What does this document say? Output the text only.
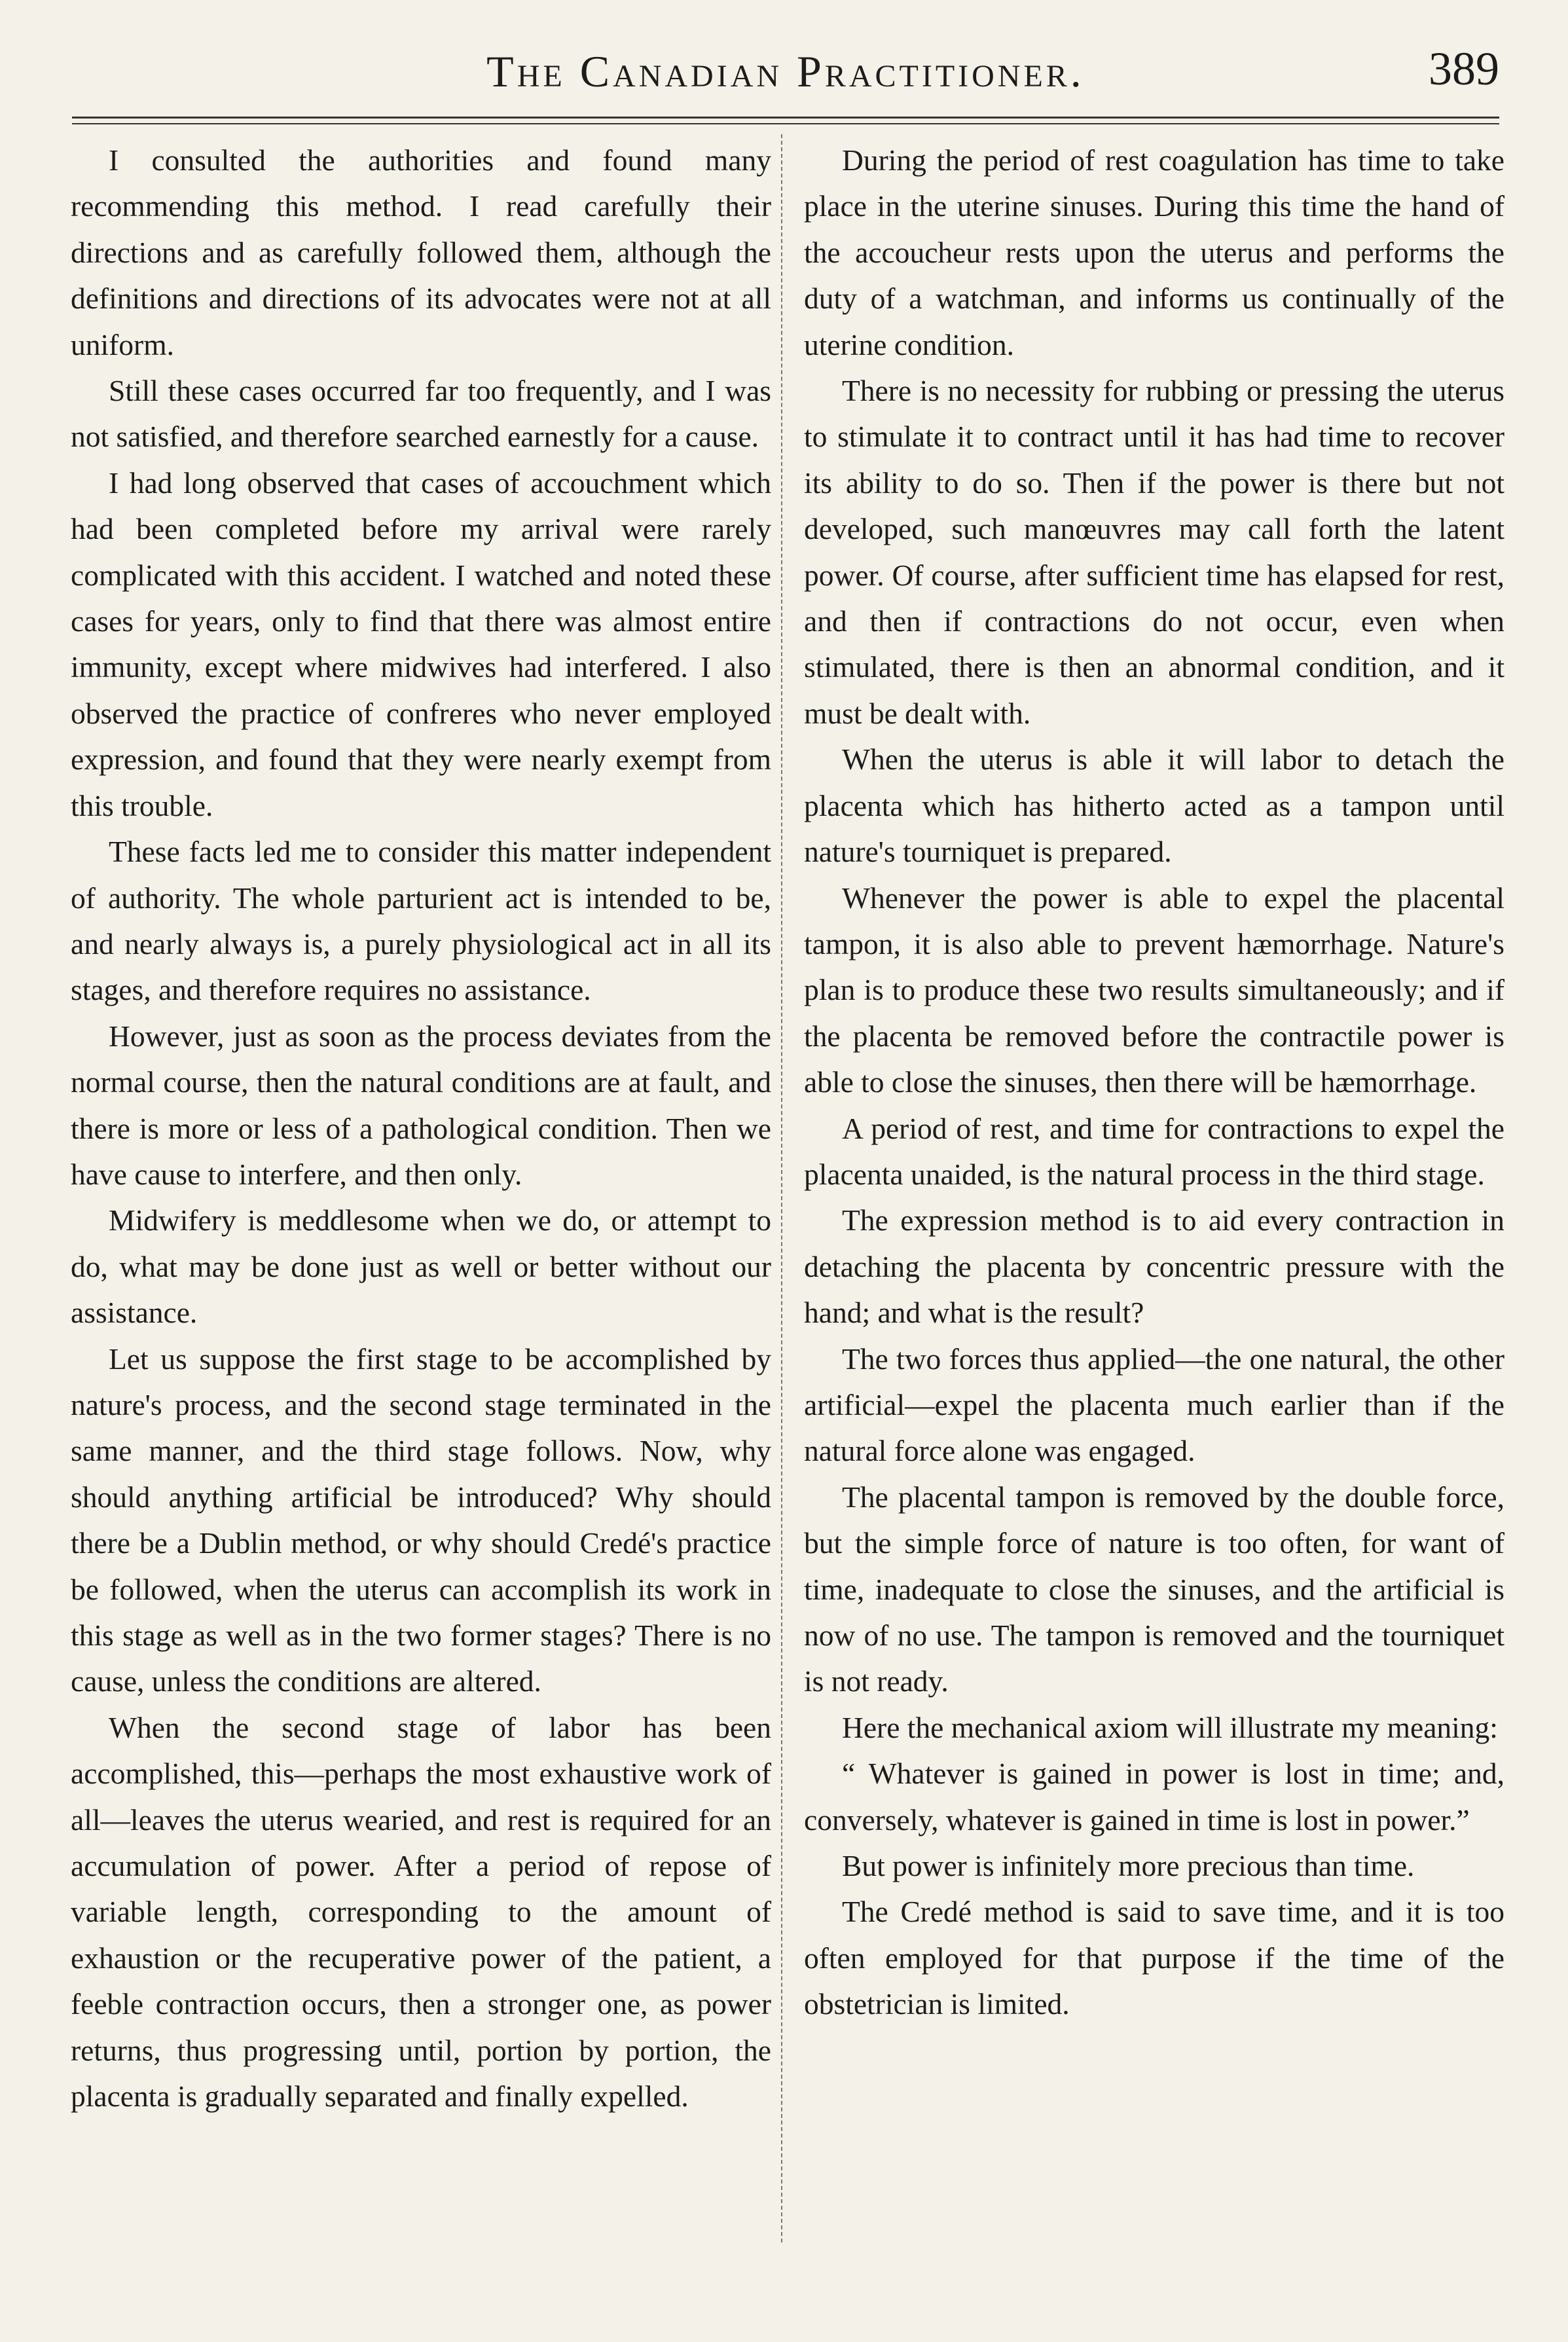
The Canadian Practitioner.	389

I consulted the authorities and found many recommending this method. I read carefully their directions and as carefully followed them, although the definitions and directions of its advocates were not at all uniform.

Still these cases occurred far too frequently, and I was not satisfied, and therefore searched earnestly for a cause.

I had long observed that cases of accouchment which had been completed before my arrival were rarely complicated with this accident. I watched and noted these cases for years, only to find that there was almost entire immunity, except where midwives had interfered. I also observed the practice of confreres who never employed expression, and found that they were nearly exempt from this trouble.

These facts led me to consider this matter independent of authority. The whole parturient act is intended to be, and nearly always is, a purely physiological act in all its stages, and therefore requires no assistance.

However, just as soon as the process deviates from the normal course, then the natural conditions are at fault, and there is more or less of a pathological condition. Then we have cause to interfere, and then only.

Midwifery is meddlesome when we do, or attempt to do, what may be done just as well or better without our assistance.

Let us suppose the first stage to be accomplished by nature's process, and the second stage terminated in the same manner, and the third stage follows. Now, why should anything artificial be introduced? Why should there be a Dublin method, or why should Credé's practice be followed, when the uterus can accomplish its work in this stage as well as in the two former stages? There is no cause, unless the conditions are altered.

When the second stage of labor has been accomplished, this—perhaps the most exhaustive work of all—leaves the uterus wearied, and rest is required for an accumulation of power. After a period of repose of variable length, corresponding to the amount of exhaustion or the recuperative power of the patient, a feeble contraction occurs, then a stronger one, as power returns, thus progressing until, portion by portion, the placenta is gradually separated and finally expelled.

During the period of rest coagulation has time to take place in the uterine sinuses. During this time the hand of the accoucheur rests upon the uterus and performs the duty of a watchman, and informs us continually of the uterine condition.

There is no necessity for rubbing or pressing the uterus to stimulate it to contract until it has had time to recover its ability to do so. Then if the power is there but not developed, such manœuvres may call forth the latent power. Of course, after sufficient time has elapsed for rest, and then if contractions do not occur, even when stimulated, there is then an abnormal condition, and it must be dealt with.

When the uterus is able it will labor to detach the placenta which has hitherto acted as a tampon until nature's tourniquet is prepared.

Whenever the power is able to expel the placental tampon, it is also able to prevent hæmorrhage. Nature's plan is to produce these two results simultaneously; and if the placenta be removed before the contractile power is able to close the sinuses, then there will be hæmorrhage.

A period of rest, and time for contractions to expel the placenta unaided, is the natural process in the third stage.

The expression method is to aid every contraction in detaching the placenta by concentric pressure with the hand; and what is the result?

The two forces thus applied—the one natural, the other artificial—expel the placenta much earlier than if the natural force alone was engaged.

The placental tampon is removed by the double force, but the simple force of nature is too often, for want of time, inadequate to close the sinuses, and the artificial is now of no use. The tampon is removed and the tourniquet is not ready.

Here the mechanical axiom will illustrate my meaning:

“ Whatever is gained in power is lost in time; and, conversely, whatever is gained in time is lost in power.”

But power is infinitely more precious than time.

The Credé method is said to save time, and it is too often employed for that purpose if the time of the obstetrician is limited.
